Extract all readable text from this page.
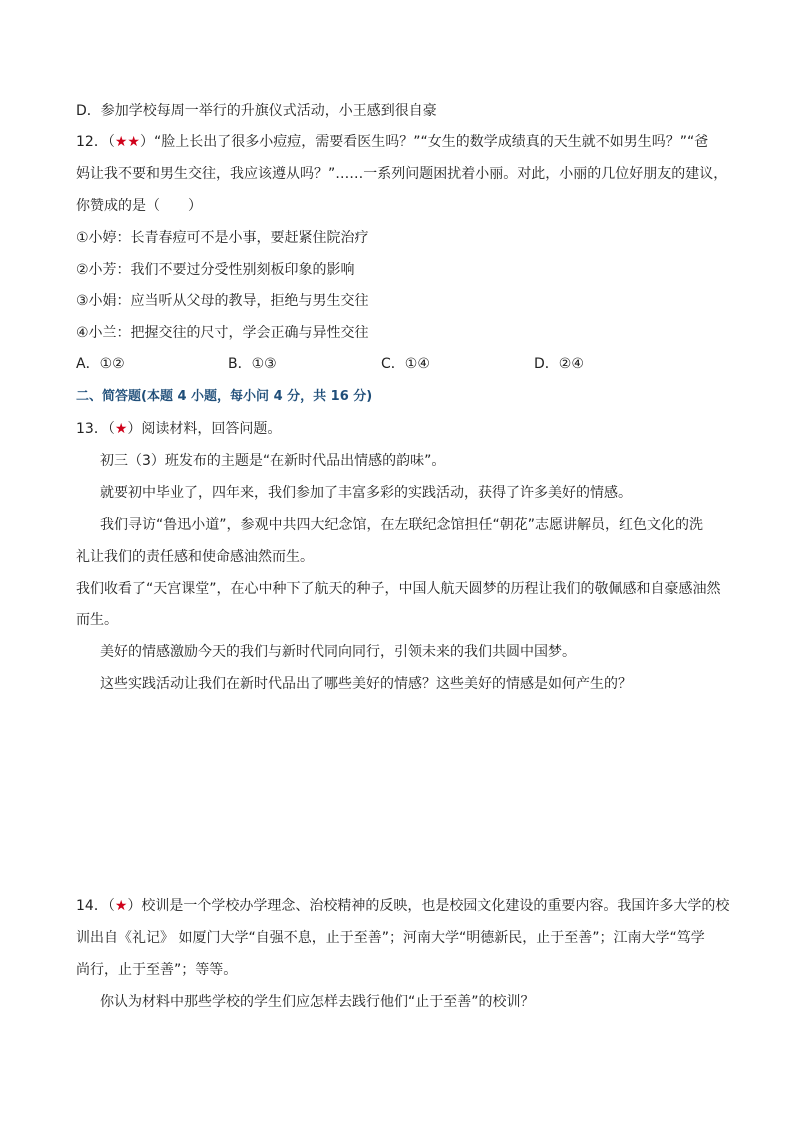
D．参加学校每周一举行的升旗仪式活动，小王感到很自豪
12．（★★）“脸上长出了很多小痘痘，需要看医生吗？”“女生的数学成绩真的天生就不如男生吗？”“爸
妈让我不要和男生交往，我应该遵从吗？”……一系列问题困扰着小丽。对此，小丽的几位好朋友的建议，
你赞成的是（　　）
①小婷：长青春痘可不是小事，要赶紧住院治疗
②小芳：我们不要过分受性别刻板印象的影响
③小娟：应当听从父母的教导，拒绝与男生交往
④小兰：把握交往的尺寸，学会正确与异性交往
A．①②	B．①③	C．①④	D．②④
二、简答题(本题 4 小题，每小问 4 分，共 16 分)
13．（★）阅读材料，回答问题。
初三（3）班发布的主题是“在新时代品出情感的韵味”。
就要初中毕业了，四年来，我们参加了丰富多彩的实践活动，获得了许多美好的情感。
我们寻访“鲁迅小道”，参观中共四大纪念馆，在左联纪念馆担任“朝花”志愿讲解员，红色文化的洗
礼让我们的责任感和使命感油然而生。
我们收看了“天宫课堂”，在心中种下了航天的种子，中国人航天圆梦的历程让我们的敬佩感和自豪感油然
而生。
美好的情感激励今天的我们与新时代同向同行，引领未来的我们共圆中国梦。
这些实践活动让我们在新时代品出了哪些美好的情感？这些美好的情感是如何产生的？
14．（★）校训是一个学校办学理念、治校精神的反映，也是校园文化建设的重要内容。我国许多大学的校
训出自《礼记》 如厦门大学“自强不息，止于至善”；河南大学“明德新民，止于至善”；江南大学“笃学
尚行，止于至善”；等等。
你认为材料中那些学校的学生们应怎样去践行他们“止于至善”的校训？
